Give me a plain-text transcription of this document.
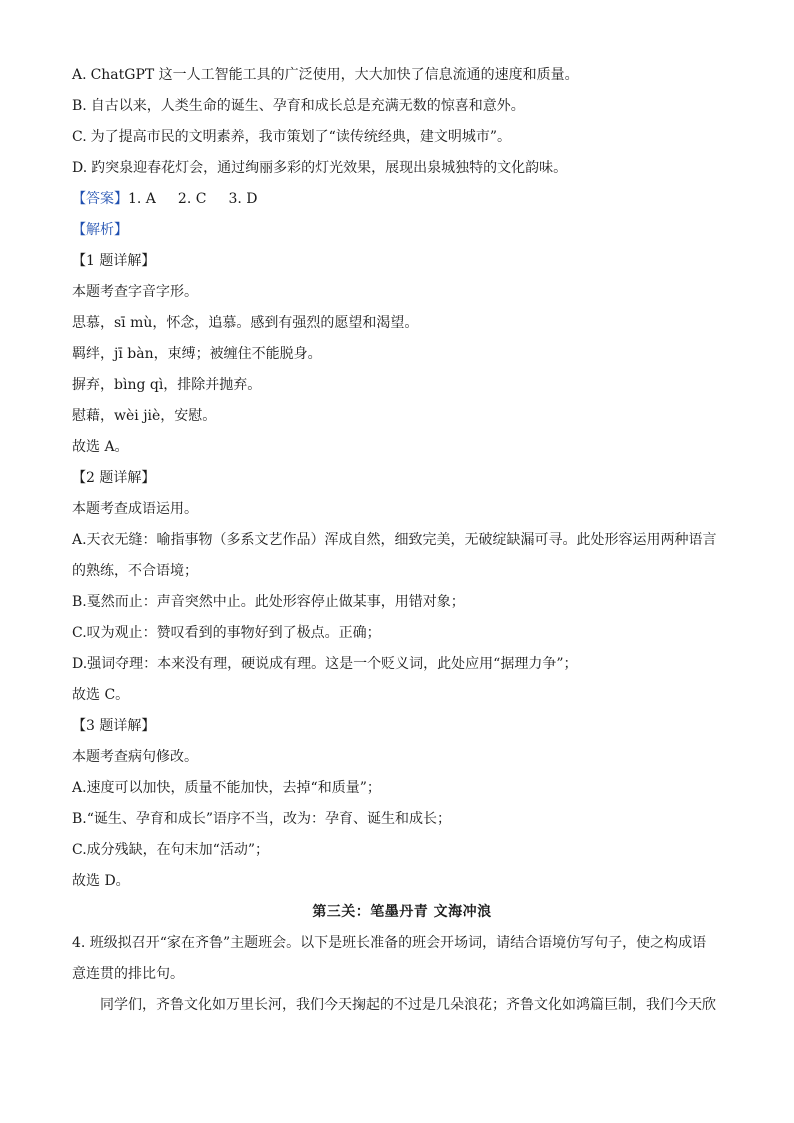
A. ChatGPT 这一人工智能工具的广泛使用，大大加快了信息流通的速度和质量。
B. 自古以来，人类生命的诞生、孕育和成长总是充满无数的惊喜和意外。
C. 为了提高市民的文明素养，我市策划了“读传统经典，建文明城市”。
D. 趵突泉迎春花灯会，通过绚丽多彩的灯光效果，展现出泉城独特的文化韵味。
【答案】1. A 2. C 3. D
【解析】
【1 题详解】
本题考查字音字形。
思慕，sī mù，怀念，追慕。感到有强烈的愿望和渴望。
羁绊，jī bàn，束缚；被缠住不能脱身。
摒弃，bìng qì，排除并抛弃。
慰藉，wèi jiè，安慰。
故选 A。
【2 题详解】
本题考查成语运用。
A.天衣无缝：喻指事物（多系文艺作品）浑成自然，细致完美，无破绽缺漏可寻。此处形容运用两种语言
的熟练，不合语境；
B.戛然而止：声音突然中止。此处形容停止做某事，用错对象；
C.叹为观止：赞叹看到的事物好到了极点。正确；
D.强词夺理：本来没有理，硬说成有理。这是一个贬义词，此处应用“据理力争”；
故选 C。
【3 题详解】
本题考查病句修改。
A.速度可以加快，质量不能加快，去掉“和质量”；
B.“诞生、孕育和成长”语序不当，改为：孕育、诞生和成长；
C.成分残缺，在句末加“活动”；
故选 D。
第三关：笔墨丹青 文海冲浪
4. 班级拟召开“家在齐鲁”主题班会。以下是班长准备的班会开场词，请结合语境仿写句子，使之构成语
意连贯的排比句。
同学们，齐鲁文化如万里长河，我们今天掬起的不过是几朵浪花；齐鲁文化如鸿篇巨制，我们今天欣
